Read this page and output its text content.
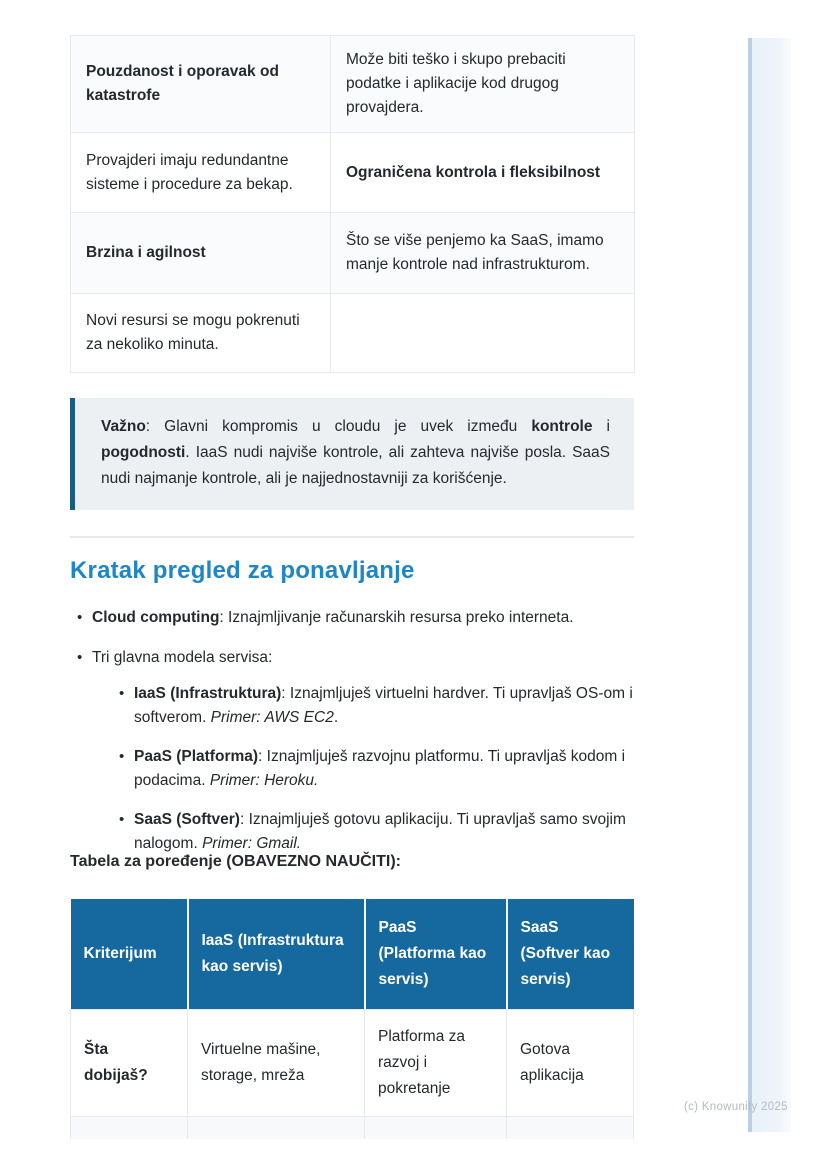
Pouzdanost i oporavak od katastrofe	Može biti teško i skupo prebaciti podatke i aplikacije kod drugog provajdera.
Provajderi imaju redundantne sisteme i procedure za bekap.	Ograničena kontrola i fleksibilnost
Brzina i agilnost	Što se više penjemo ka SaaS, imamo manje kontrole nad infrastrukturom.
Novi resursi se mogu pokrenuti za nekoliko minuta.	

Važno: Glavni kompromis u cloudu je uvek između kontrole i pogodnosti. IaaS nudi najviše kontrole, ali zahteva najviše posla. SaaS nudi najmanje kontrole, ali je najjednostavniji za korišćenje.

Kratak pregled za ponavljanje
• Cloud computing: Iznajmljivanje računarskih resursa preko interneta.
• Tri glavna modela servisa:
• IaaS (Infrastruktura): Iznajmljuješ virtuelni hardver. Ti upravljaš OS-om i softverom. Primer: AWS EC2.
• PaaS (Platforma): Iznajmljuješ razvojnu platformu. Ti upravljaš kodom i podacima. Primer: Heroku.
• SaaS (Softver): Iznajmljuješ gotovu aplikaciju. Ti upravljaš samo svojim nalogom. Primer: Gmail.

Tabela za poređenje (OBAVEZNO NAUČITI):

Kriterijum	IaaS (Infrastruktura kao servis)	PaaS (Platforma kao servis)	SaaS (Softver kao servis)
Šta dobijaš?	Virtuelne mašine, storage, mreža	Platforma za razvoj i pokretanje	Gotova aplikacija

(c) Knowunity 2025
